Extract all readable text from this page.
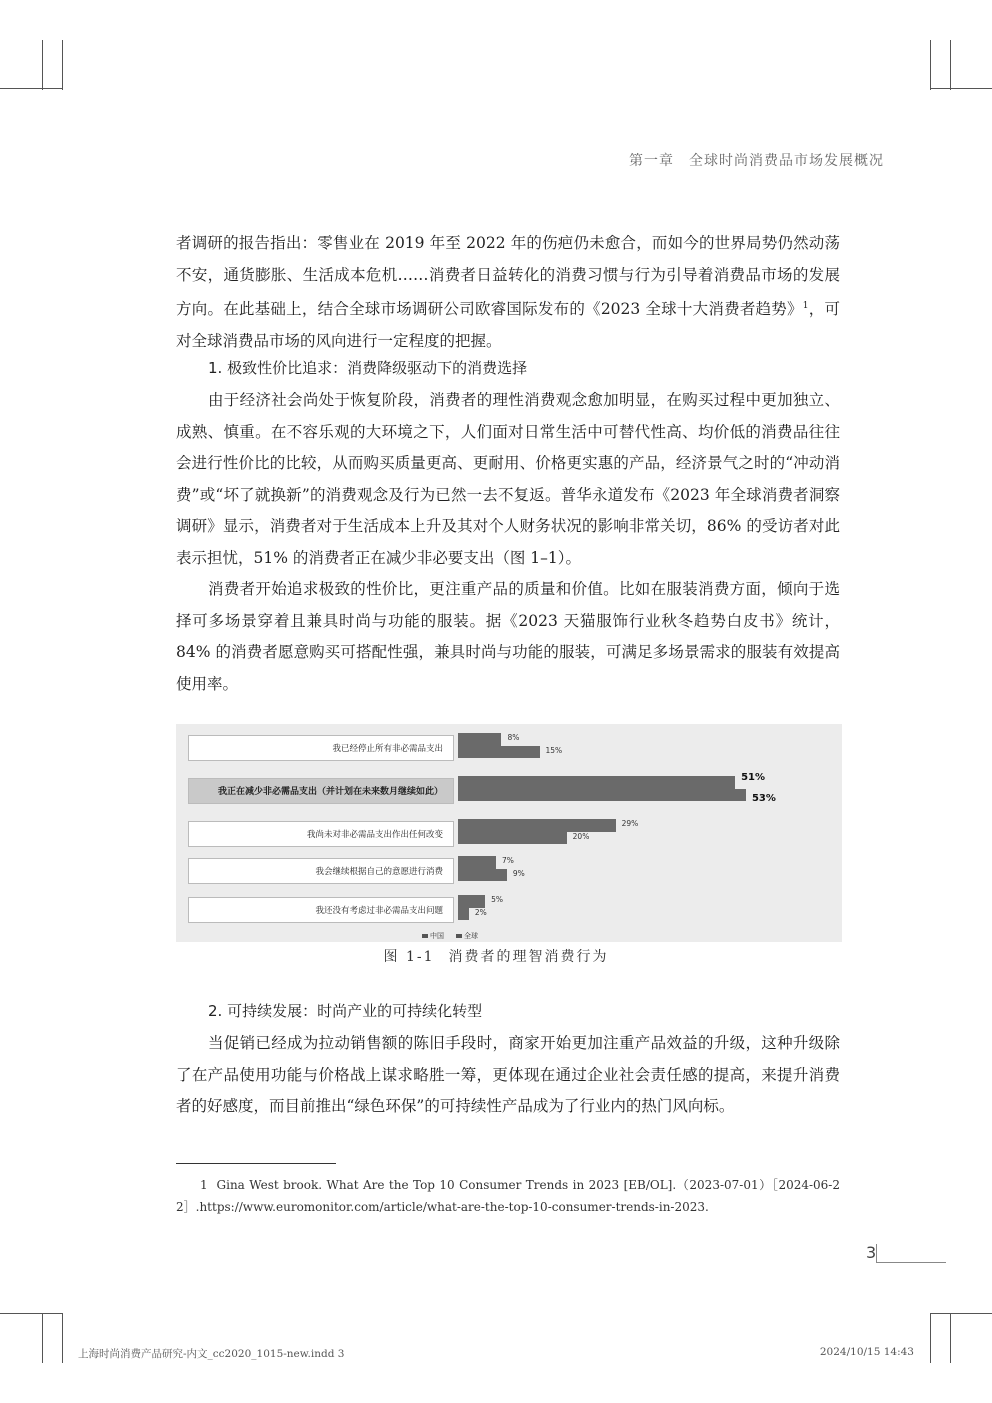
第一章　全球时尚消费品市场发展概况

者调研的报告指出：零售业在 2019 年至 2022 年的伤疤仍未愈合，而如今的世界局势仍然动荡不安，通货膨胀、生活成本危机……消费者日益转化的消费习惯与行为引导着消费品市场的发展方向。在此基础上，结合全球市场调研公司欧睿国际发布的《2023 全球十大消费者趋势》$^1$，可对全球消费品市场的风向进行一定程度的把握。

1. 极致性价比追求：消费降级驱动下的消费选择

由于经济社会尚处于恢复阶段，消费者的理性消费观念愈加明显，在购买过程中更加独立、成熟、慎重。在不容乐观的大环境之下，人们面对日常生活中可替代性高、均价低的消费品往往会进行性价比的比较，从而购买质量更高、更耐用、价格更实惠的产品，经济景气之时的“冲动消费”或“坏了就换新”的消费观念及行为已然一去不复返。普华永道发布《2023 年全球消费者洞察调研》显示，消费者对于生活成本上升及其对个人财务状况的影响非常关切，86% 的受访者对此表示担忧，51% 的消费者正在减少非必要支出（图 1–1）。

消费者开始追求极致的性价比，更注重产品的质量和价值。比如在服装消费方面，倾向于选择可多场景穿着且兼具时尚与功能的服装。据《2023 天猫服饰行业秋冬趋势白皮书》统计，84% 的消费者愿意购买可搭配性强，兼具时尚与功能的服装，可满足多场景需求的服装有效提高使用率。

我已经停止所有非必需品支出
8%
15%
我正在减少非必需品支出（并计划在未来数月继续如此）
51%
53%
我尚未对非必需品支出作出任何改变
29%
20%
我会继续根据自己的意愿进行消费
7%
9%
我还没有考虑过非必需品支出问题
5%
2%
中国	全球
图 1-1 消费者的理智消费行为
2. 可持续发展：时尚产业的可持续化转型

当促销已经成为拉动销售额的陈旧手段时，商家开始更加注重产品效益的升级，这种升级除了在产品使用功能与价格战上谋求略胜一筹，更体现在通过企业社会责任感的提高，来提升消费者的好感度，而目前推出“绿色环保”的可持续性产品成为了行业内的热门风向标。

1 Gina West brook. What Are the Top 10 Consumer Trends in 2023 [EB/OL].（2023-07-01）［2024-06-22］.https://www.euromonitor.com/article/what-are-the-top-10-consumer-trends-in-2023.

3
上海时尚消费产品研究-内文_cc2020_1015-new.indd 3	2024/10/15 14:43
